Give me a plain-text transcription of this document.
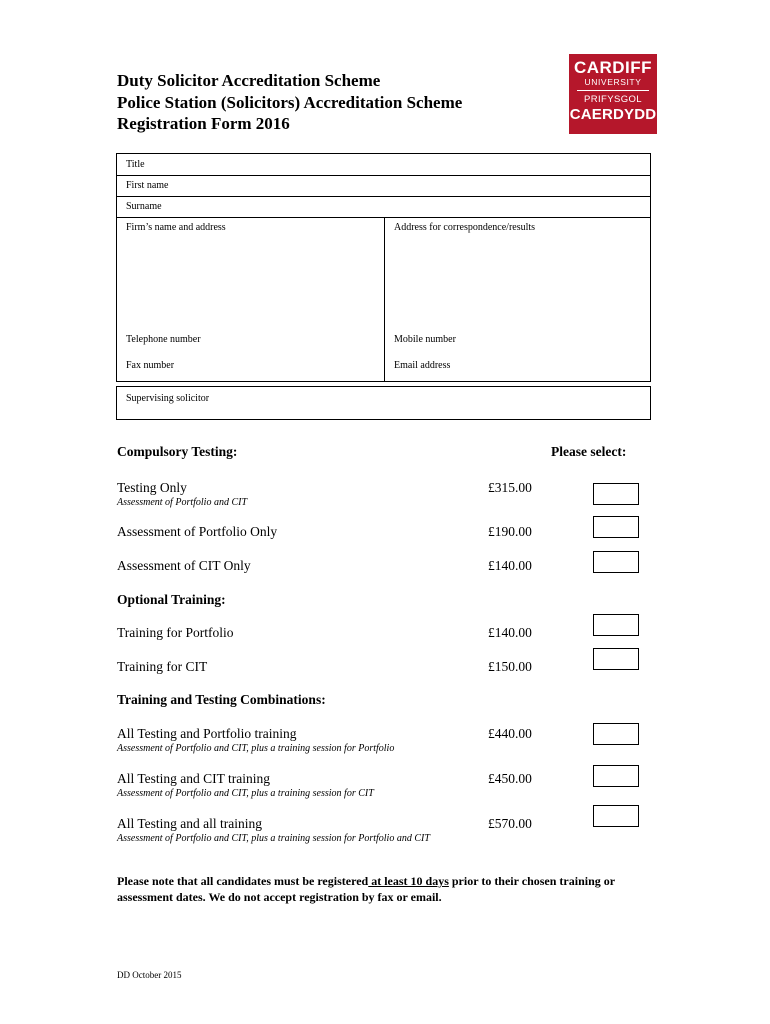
Duty Solicitor Accreditation Scheme
Police Station (Solicitors) Accreditation Scheme
Registration Form 2016
CARDIFF
UNIVERSITY
PRIFYSGOL
CAERDYDD
Title
First name
Surname
Firm’s name and address
Telephone number
Fax number
Address for correspondence/results
Mobile number
Email address
Supervising solicitor
Compulsory Testing:	Please select:
Testing Only
Assessment of Portfolio and CIT
£315.00
Assessment of Portfolio Only	£190.00
Assessment of CIT Only	£140.00
Optional Training:
Training for Portfolio	£140.00
Training for CIT	£150.00
Training and Testing Combinations:
All Testing and Portfolio training
Assessment of Portfolio and CIT, plus a training session for Portfolio
£440.00
All Testing and CIT training
Assessment of Portfolio and CIT, plus a training session for CIT
£450.00
All Testing and all training
Assessment of Portfolio and CIT, plus a training session for Portfolio and CIT
£570.00
Please note that all candidates must be registered at least 10 days prior to their chosen training or assessment dates. We do not accept registration by fax or email.
DD October 2015
